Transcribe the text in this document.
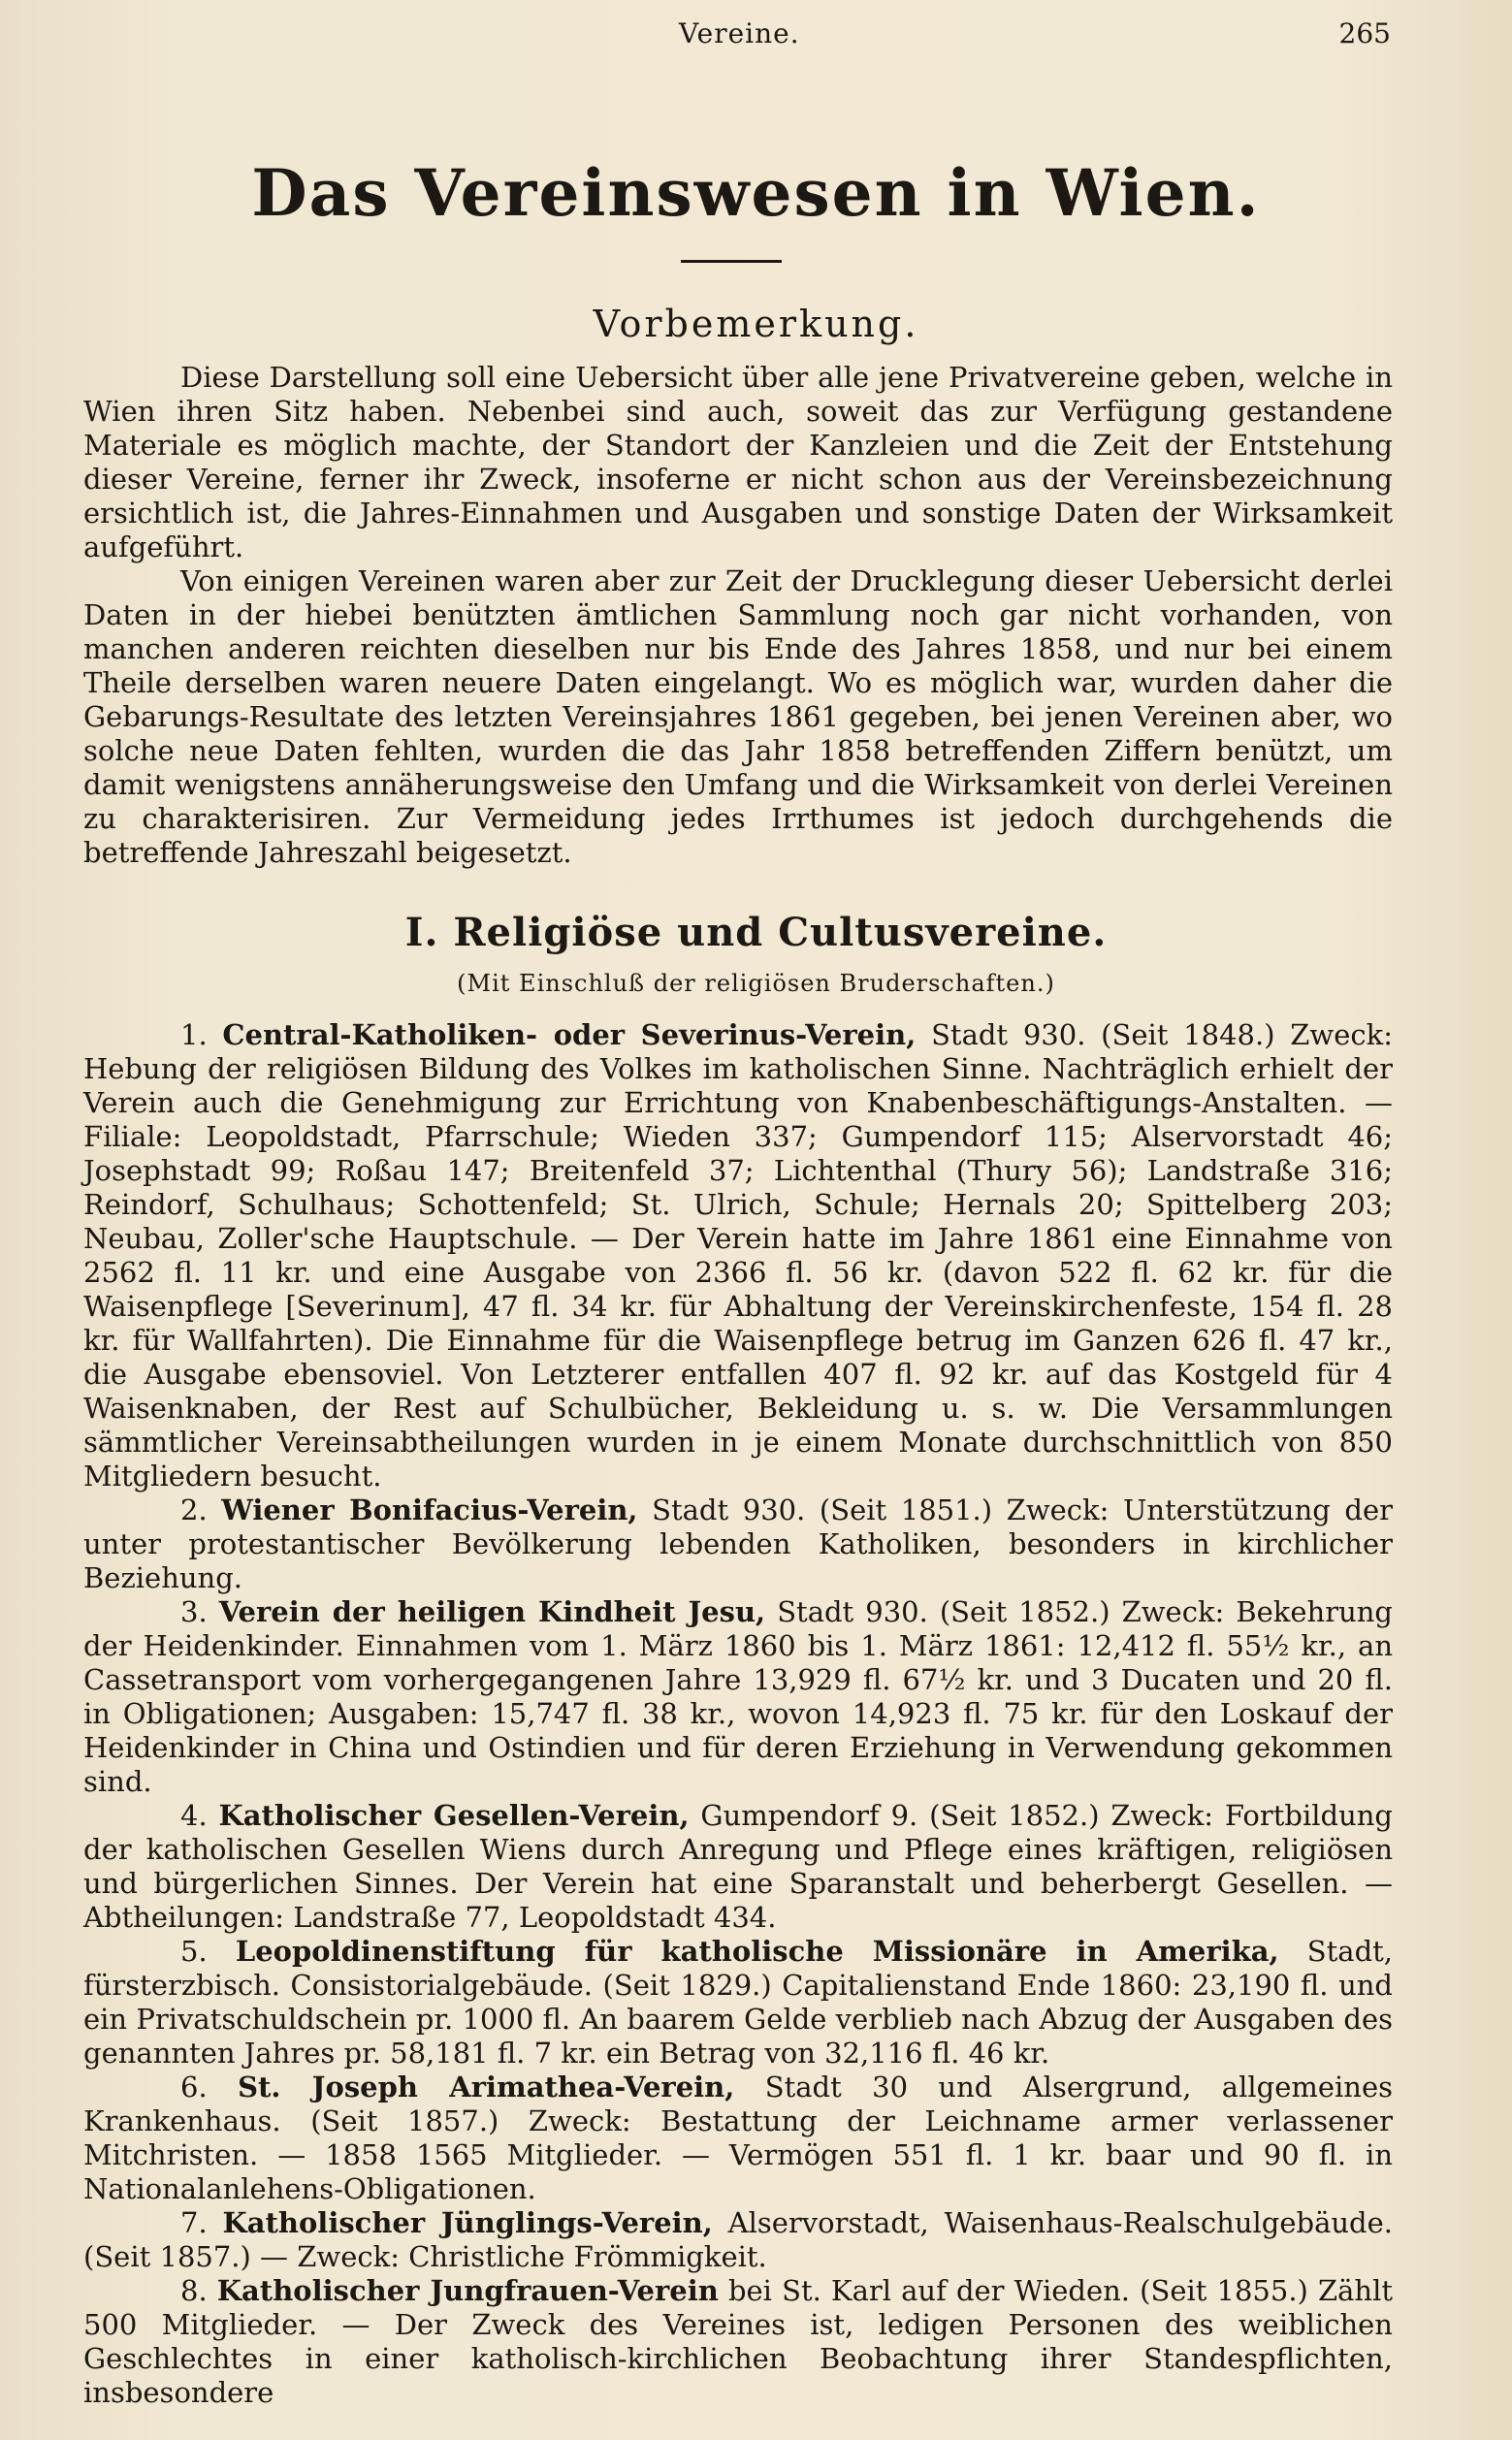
Vereine.	265
Das Vereinswesen in Wien.
Vorbemerkung.

Diese Darstellung soll eine Uebersicht über alle jene Privatvereine geben, welche in Wien ihren Sitz haben. Nebenbei sind auch, soweit das zur Verfügung gestandene Materiale es möglich machte, der Standort der Kanzleien und die Zeit der Entstehung dieser Vereine, ferner ihr Zweck, insoferne er nicht schon aus der Vereinsbezeichnung ersichtlich ist, die Jahres-Einnahmen und Ausgaben und sonstige Daten der Wirksamkeit aufgeführt.

Von einigen Vereinen waren aber zur Zeit der Drucklegung dieser Uebersicht derlei Daten in der hiebei benützten ämtlichen Sammlung noch gar nicht vorhanden, von manchen anderen reichten dieselben nur bis Ende des Jahres 1858, und nur bei einem Theile derselben waren neuere Daten eingelangt. Wo es möglich war, wurden daher die Gebarungs-Resultate des letzten Vereinsjahres 1861 gegeben, bei jenen Vereinen aber, wo solche neue Daten fehlten, wurden die das Jahr 1858 betreffenden Ziffern benützt, um damit wenigstens annäherungsweise den Umfang und die Wirksamkeit von derlei Vereinen zu charakterisiren. Zur Vermeidung jedes Irrthumes ist jedoch durchgehends die betreffende Jahreszahl beigesetzt.

I. Religiöse und Cultusvereine.
(Mit Einschluß der religiösen Bruderschaften.)

1. Central-Katholiken- oder Severinus-Verein, Stadt 930. (Seit 1848.) Zweck: Hebung der religiösen Bildung des Volkes im katholischen Sinne. Nachträglich erhielt der Verein auch die Genehmigung zur Errichtung von Knabenbeschäftigungs-Anstalten. — Filiale: Leopoldstadt, Pfarrschule; Wieden 337; Gumpendorf 115; Alservorstadt 46; Josephstadt 99; Roßau 147; Breitenfeld 37; Lichtenthal (Thury 56); Landstraße 316; Reindorf, Schulhaus; Schottenfeld; St. Ulrich, Schule; Hernals 20; Spittelberg 203; Neubau, Zoller'sche Hauptschule. — Der Verein hatte im Jahre 1861 eine Einnahme von 2562 fl. 11 kr. und eine Ausgabe von 2366 fl. 56 kr. (davon 522 fl. 62 kr. für die Waisenpflege [Severinum], 47 fl. 34 kr. für Abhaltung der Vereinskirchenfeste, 154 fl. 28 kr. für Wallfahrten). Die Einnahme für die Waisenpflege betrug im Ganzen 626 fl. 47 kr., die Ausgabe ebensoviel. Von Letzterer entfallen 407 fl. 92 kr. auf das Kostgeld für 4 Waisenknaben, der Rest auf Schulbücher, Bekleidung u. s. w. Die Versammlungen sämmtlicher Vereinsabtheilungen wurden in je einem Monate durchschnittlich von 850 Mitgliedern besucht.

2. Wiener Bonifacius-Verein, Stadt 930. (Seit 1851.) Zweck: Unterstützung der unter protestantischer Bevölkerung lebenden Katholiken, besonders in kirchlicher Beziehung.

3. Verein der heiligen Kindheit Jesu, Stadt 930. (Seit 1852.) Zweck: Bekehrung der Heidenkinder. Einnahmen vom 1. März 1860 bis 1. März 1861: 12,412 fl. 55½ kr., an Cassetransport vom vorhergegangenen Jahre 13,929 fl. 67½ kr. und 3 Ducaten und 20 fl. in Obligationen; Ausgaben: 15,747 fl. 38 kr., wovon 14,923 fl. 75 kr. für den Loskauf der Heidenkinder in China und Ostindien und für deren Erziehung in Verwendung gekommen sind.

4. Katholischer Gesellen-Verein, Gumpendorf 9. (Seit 1852.) Zweck: Fortbildung der katholischen Gesellen Wiens durch Anregung und Pflege eines kräftigen, religiösen und bürgerlichen Sinnes. Der Verein hat eine Sparanstalt und beherbergt Gesellen. — Abtheilungen: Landstraße 77, Leopoldstadt 434.

5. Leopoldinenstiftung für katholische Missionäre in Amerika, Stadt, fürsterzbisch. Consistorialgebäude. (Seit 1829.) Capitalienstand Ende 1860: 23,190 fl. und ein Privatschuldschein pr. 1000 fl. An baarem Gelde verblieb nach Abzug der Ausgaben des genannten Jahres pr. 58,181 fl. 7 kr. ein Betrag von 32,116 fl. 46 kr.

6. St. Joseph Arimathea-Verein, Stadt 30 und Alsergrund, allgemeines Krankenhaus. (Seit 1857.) Zweck: Bestattung der Leichname armer verlassener Mitchristen. — 1858 1565 Mitglieder. — Vermögen 551 fl. 1 kr. baar und 90 fl. in Nationalanlehens-Obligationen.

7. Katholischer Jünglings-Verein, Alservorstadt, Waisenhaus-Realschulgebäude. (Seit 1857.) — Zweck: Christliche Frömmigkeit.

8. Katholischer Jungfrauen-Verein bei St. Karl auf der Wieden. (Seit 1855.) Zählt 500 Mitglieder. — Der Zweck des Vereines ist, ledigen Personen des weiblichen Geschlechtes in einer katholisch-kirchlichen Beobachtung ihrer Standespflichten, insbesondere
